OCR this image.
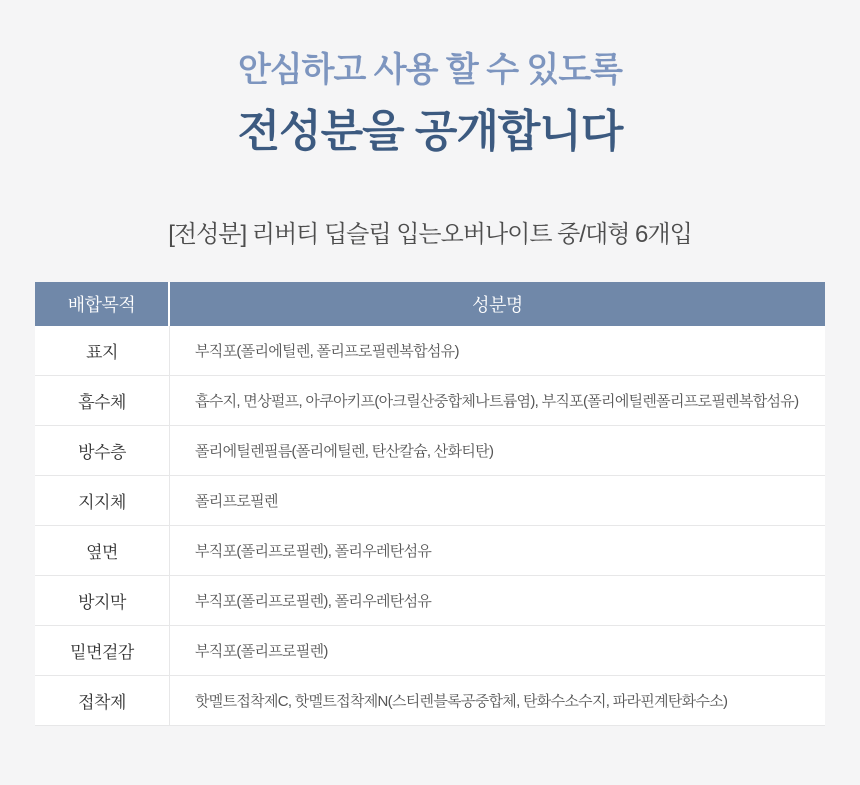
안심하고 사용 할 수 있도록
전성분을 공개합니다
[전성분] 리버티 딥슬립 입는오버나이트 중/대형 6개입
배합목적	성분명
표지	부직포(폴리에틸렌, 폴리프로필렌복합섬유)
흡수체	흡수지, 면상펄프, 아쿠아키프(아크릴산중합체나트륨염), 부직포(폴리에틸렌폴리프로필렌복합섬유)
방수층	폴리에틸렌필름(폴리에틸렌, 탄산칼슘, 산화티탄)
지지체	폴리프로필렌
옆면	부직포(폴리프로필렌), 폴리우레탄섬유
방지막	부직포(폴리프로필렌), 폴리우레탄섬유
밑면겉감	부직포(폴리프로필렌)
접착제	핫멜트접착제C, 핫멜트접착제N(스티렌블록공중합체, 탄화수소수지, 파라핀계탄화수소)
